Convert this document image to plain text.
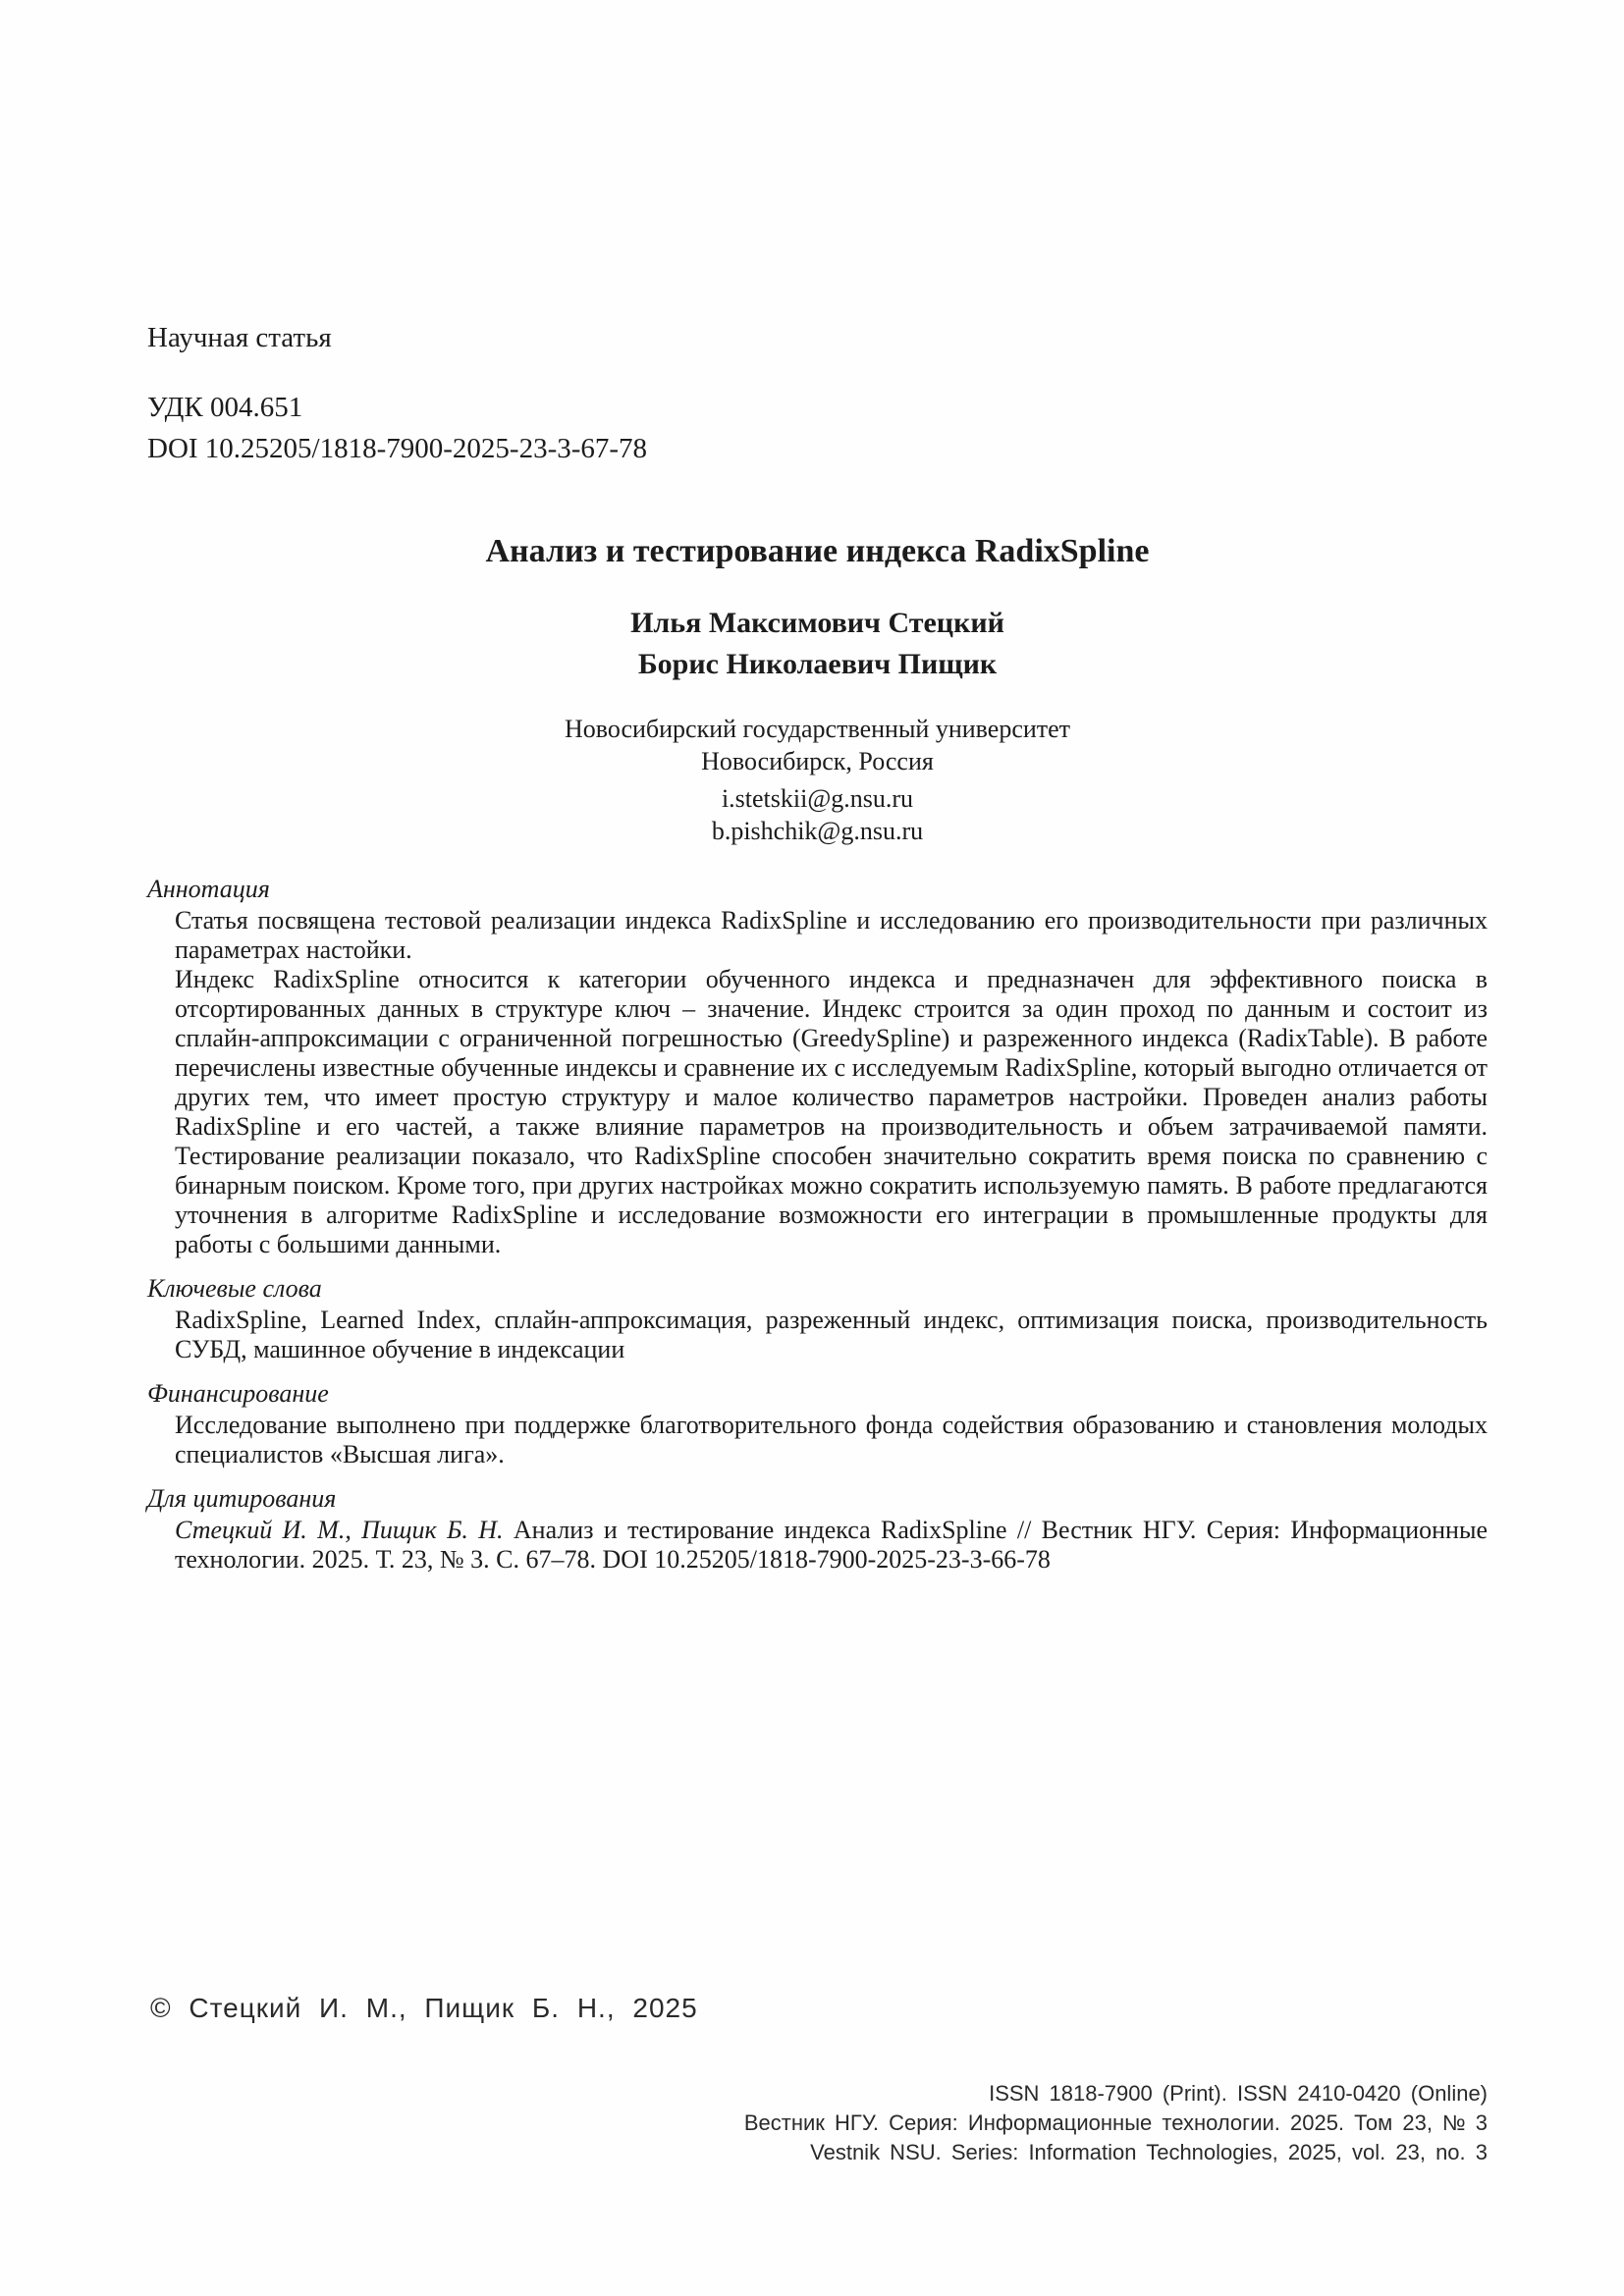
Научная статья
УДК 004.651
DOI 10.25205/1818-7900-2025-23-3-67-78
Анализ и тестирование индекса RadixSpline
Илья Максимович Стецкий
Борис Николаевич Пищик
Новосибирский государственный университет
Новосибирск, Россия
i.stetskii@g.nsu.ru
b.pishchik@g.nsu.ru
Аннотация

Статья посвящена тестовой реализации индекса RadixSpline и исследованию его производительности при различных параметрах настойки.

Индекс RadixSpline относится к категории обученного индекса и предназначен для эффективного поиска в отсортированных данных в структуре ключ – значение. Индекс строится за один проход по данным и состоит из сплайн-аппроксимации с ограниченной погрешностью (GreedySpline) и разреженного индекса (RadixTable). В работе перечислены известные обученные индексы и сравнение их с исследуемым RadixSpline, который выгодно отличается от других тем, что имеет простую структуру и малое количество параметров настройки. Проведен анализ работы RadixSpline и его частей, а также влияние параметров на производительность и объем затрачиваемой памяти. Тестирование реализации показало, что RadixSpline способен значительно сократить время поиска по сравнению с бинарным поиском. Кроме того, при других настройках можно сократить используемую память. В работе предлагаются уточнения в алгоритме RadixSpline и исследование возможности его интеграции в промышленные продукты для работы с большими данными.

Ключевые слова

RadixSpline, Learned Index, сплайн-аппроксимация, разреженный индекс, оптимизация поиска, производительность СУБД, машинное обучение в индексации

Финансирование

Исследование выполнено при поддержке благотворительного фонда содействия образованию и становления молодых специалистов «Высшая лига».

Для цитирования

Стецкий И. М., Пищик Б. Н. Анализ и тестирование индекса RadixSpline // Вестник НГУ. Серия: Информационные технологии. 2025. Т. 23, № 3. С. 67–78. DOI 10.25205/1818-7900-2025-23-3-66-78

© Стецкий И. М., Пищик Б. Н., 2025
ISSN 1818-7900 (Print). ISSN 2410-0420 (Online)
Вестник НГУ. Серия: Информационные технологии. 2025. Том 23, № 3
Vestnik NSU. Series: Information Technologies, 2025, vol. 23, no. 3
